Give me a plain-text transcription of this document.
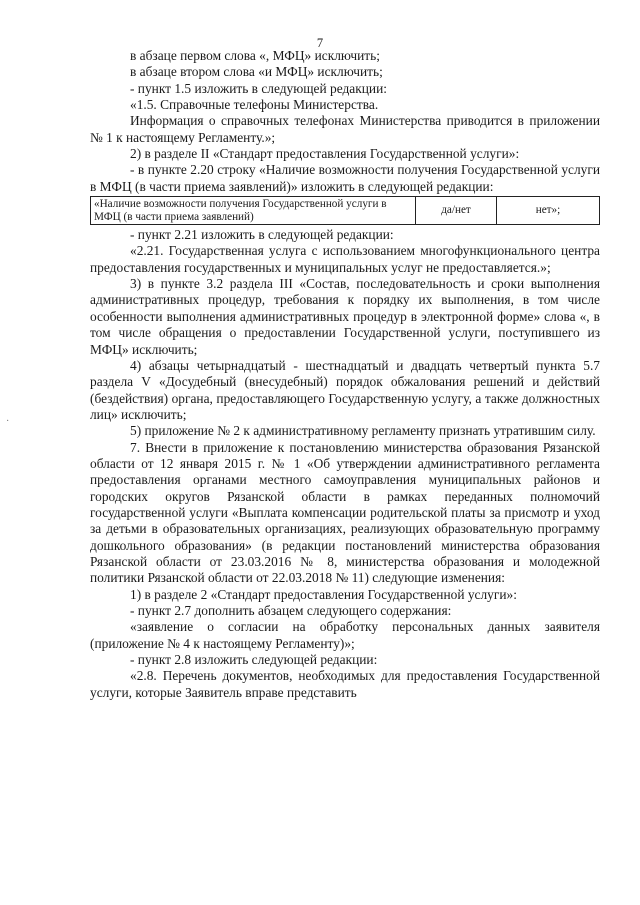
7
·

в абзаце первом слова «, МФЦ» исключить;

в абзаце втором слова «и МФЦ» исключить;

- пункт 1.5 изложить в следующей редакции:

«1.5. Справочные телефоны Министерства.

Информация о справочных телефонах Министерства приводится в приложении № 1 к настоящему Регламенту.»;

2) в разделе II «Стандарт предоставления Государственной услуги»:

- в пункте 2.20 строку «Наличие возможности получения Государственной услуги в МФЦ (в части приема заявлений)» изложить в следующей редакции:

«Наличие возможности получения Государственной услуги в МФЦ (в части приема заявлений)	да/нет	нет»;

- пункт 2.21 изложить в следующей редакции:

«2.21. Государственная услуга с использованием многофункционального центра предоставления государственных и муниципальных услуг не предоставляется.»;

3) в пункте 3.2 раздела III «Состав, последовательность и сроки выполнения административных процедур, требования к порядку их выполнения, в том числе особенности выполнения административных процедур в электронной форме» слова «, в том числе обращения о предоставлении Государственной услуги, поступившего из МФЦ» исключить;

4) абзацы четырнадцатый - шестнадцатый и двадцать четвертый пункта 5.7 раздела V «Досудебный (внесудебный) порядок обжалования решений и действий (бездействия) органа, предоставляющего Государственную услугу, а также должностных лиц» исключить;

5) приложение № 2 к административному регламенту признать утратившим силу.

7. Внести в приложение к постановлению министерства образования Рязанской области от 12 января 2015 г. № 1 «Об утверждении административного регламента предоставления органами местного самоуправления муниципальных районов и городских округов Рязанской области в рамках переданных полномочий государственной услуги «Выплата компенсации родительской платы за присмотр и уход за детьми в образовательных организациях, реализующих образовательную программу дошкольного образования» (в редакции постановлений министерства образования Рязанской области от 23.03.2016 № 8, министерства образования и молодежной политики Рязанской области от 22.03.2018 № 11) следующие изменения:

1) в разделе 2 «Стандарт предоставления Государственной услуги»:

- пункт 2.7 дополнить абзацем следующего содержания:

«заявление о согласии на обработку персональных данных заявителя (приложение № 4 к настоящему Регламенту)»;

- пункт 2.8 изложить следующей редакции:

«2.8. Перечень документов, необходимых для предоставления Государственной услуги, которые Заявитель вправе представить
